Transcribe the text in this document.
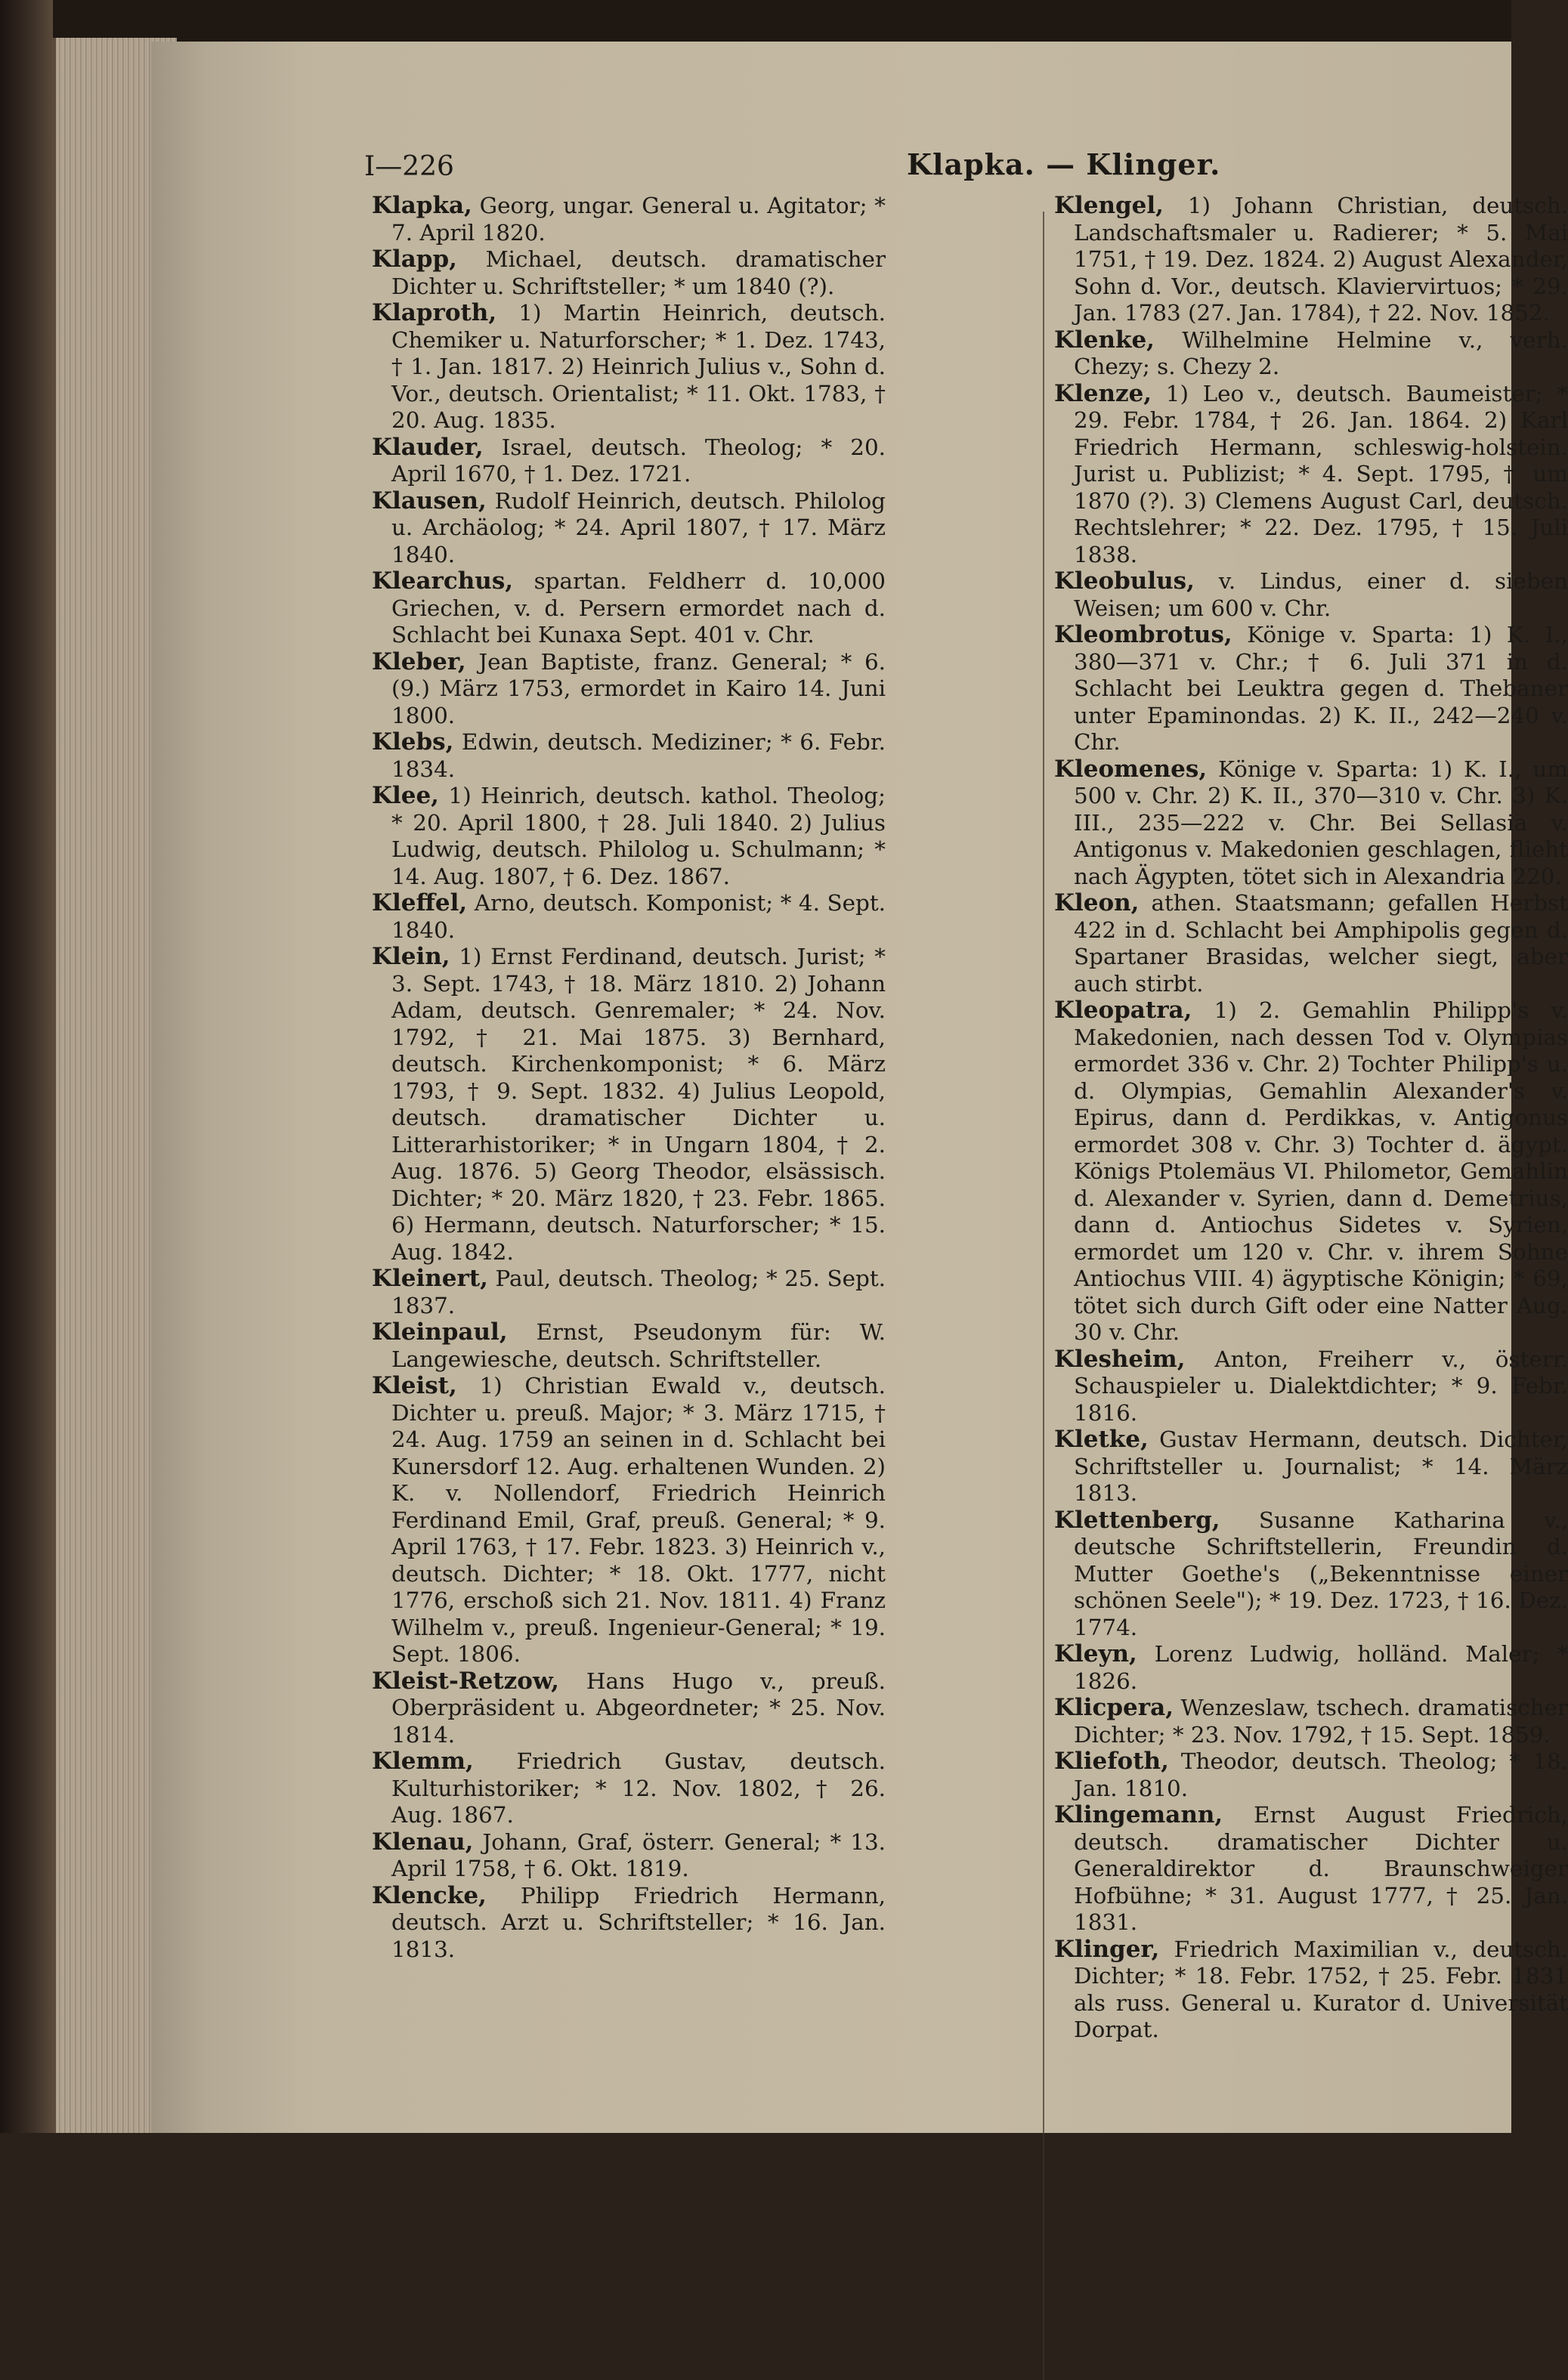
I—226	Klapka. — Klinger.
Klapka, Georg, ungar. General u. Agitator; * 7. April 1820.
Klapp, Michael, deutsch. dramatischer Dichter u. Schriftsteller; * um 1840 (?).
Klaproth, 1) Martin Heinrich, deutsch. Chemiker u. Naturforscher; * 1. Dez. 1743, † 1. Jan. 1817. 2) Heinrich Julius v., Sohn d. Vor., deutsch. Orientalist; * 11. Okt. 1783, † 20. Aug. 1835.
Klauder, Israel, deutsch. Theolog; * 20. April 1670, † 1. Dez. 1721.
Klausen, Rudolf Heinrich, deutsch. Philolog u. Archäolog; * 24. April 1807, † 17. März 1840.
Klearchus, spartan. Feldherr d. 10,000 Griechen, v. d. Persern ermordet nach d. Schlacht bei Kunaxa Sept. 401 v. Chr.
Kleber, Jean Baptiste, franz. General; * 6. (9.) März 1753, ermordet in Kairo 14. Juni 1800.
Klebs, Edwin, deutsch. Mediziner; * 6. Febr. 1834.
Klee, 1) Heinrich, deutsch. kathol. Theolog; * 20. April 1800, † 28. Juli 1840. 2) Julius Ludwig, deutsch. Philolog u. Schulmann; * 14. Aug. 1807, † 6. Dez. 1867.
Kleffel, Arno, deutsch. Komponist; * 4. Sept. 1840.
Klein, 1) Ernst Ferdinand, deutsch. Jurist; * 3. Sept. 1743, † 18. März 1810. 2) Johann Adam, deutsch. Genremaler; * 24. Nov. 1792, † 21. Mai 1875. 3) Bernhard, deutsch. Kirchenkomponist; * 6. März 1793, † 9. Sept. 1832. 4) Julius Leopold, deutsch. dramatischer Dichter u. Litterarhistoriker; * in Ungarn 1804, † 2. Aug. 1876. 5) Georg Theodor, elsässisch. Dichter; * 20. März 1820, † 23. Febr. 1865. 6) Hermann, deutsch. Naturforscher; * 15. Aug. 1842.
Kleinert, Paul, deutsch. Theolog; * 25. Sept. 1837.
Kleinpaul, Ernst, Pseudonym für: W. Langewiesche, deutsch. Schriftsteller.
Kleist, 1) Christian Ewald v., deutsch. Dichter u. preuß. Major; * 3. März 1715, † 24. Aug. 1759 an seinen in d. Schlacht bei Kunersdorf 12. Aug. erhaltenen Wunden. 2) K. v. Nollendorf, Friedrich Heinrich Ferdinand Emil, Graf, preuß. General; * 9. April 1763, † 17. Febr. 1823. 3) Heinrich v., deutsch. Dichter; * 18. Okt. 1777, nicht 1776, erschoß sich 21. Nov. 1811. 4) Franz Wilhelm v., preuß. Ingenieur-General; * 19. Sept. 1806.
Kleist-Retzow, Hans Hugo v., preuß. Oberpräsident u. Abgeordneter; * 25. Nov. 1814.
Klemm, Friedrich Gustav, deutsch. Kulturhistoriker; * 12. Nov. 1802, † 26. Aug. 1867.
Klenau, Johann, Graf, österr. General; * 13. April 1758, † 6. Okt. 1819.
Klencke, Philipp Friedrich Hermann, deutsch. Arzt u. Schriftsteller; * 16. Jan. 1813.
Klengel, 1) Johann Christian, deutsch. Landschaftsmaler u. Radierer; * 5. Mai 1751, † 19. Dez. 1824. 2) August Alexander, Sohn d. Vor., deutsch. Klaviervirtuos; * 29. Jan. 1783 (27. Jan. 1784), † 22. Nov. 1852.
Klenke, Wilhelmine Helmine v., verh. Chezy; s. Chezy 2.
Klenze, 1) Leo v., deutsch. Baumeister; * 29. Febr. 1784, † 26. Jan. 1864. 2) Karl Friedrich Hermann, schleswig-holstein. Jurist u. Publizist; * 4. Sept. 1795, † um 1870 (?). 3) Clemens August Carl, deutsch. Rechtslehrer; * 22. Dez. 1795, † 15. Juli 1838.
Kleobulus, v. Lindus, einer d. sieben Weisen; um 600 v. Chr.
Kleombrotus, Könige v. Sparta: 1) K. I., 380—371 v. Chr.; † 6. Juli 371 in d. Schlacht bei Leuktra gegen d. Thebaner unter Epaminondas. 2) K. II., 242—240 v. Chr.
Kleomenes, Könige v. Sparta: 1) K. I., um 500 v. Chr. 2) K. II., 370—310 v. Chr. 3) K. III., 235—222 v. Chr. Bei Sellasia v. Antigonus v. Makedonien geschlagen, flieht nach Ägypten, tötet sich in Alexandria 220.
Kleon, athen. Staatsmann; gefallen Herbst 422 in d. Schlacht bei Amphipolis gegen d. Spartaner Brasidas, welcher siegt, aber auch stirbt.
Kleopatra, 1) 2. Gemahlin Philipp's v. Makedonien, nach dessen Tod v. Olympias ermordet 336 v. Chr. 2) Tochter Philipp's u. d. Olympias, Gemahlin Alexander's v. Epirus, dann d. Perdikkas, v. Antigonus ermordet 308 v. Chr. 3) Tochter d. ägypt. Königs Ptolemäus VI. Philometor, Gemahlin d. Alexander v. Syrien, dann d. Demetrius, dann d. Antiochus Sidetes v. Syrien, ermordet um 120 v. Chr. v. ihrem Sohne Antiochus VIII. 4) ägyptische Königin; * 69, tötet sich durch Gift oder eine Natter Aug. 30 v. Chr.
Klesheim, Anton, Freiherr v., österr. Schauspieler u. Dialektdichter; * 9. Febr. 1816.
Kletke, Gustav Hermann, deutsch. Dichter, Schriftsteller u. Journalist; * 14. März 1813.
Klettenberg, Susanne Katharina v., deutsche Schriftstellerin, Freundin d. Mutter Goethe's („Bekenntnisse einer schönen Seele"); * 19. Dez. 1723, † 16. Dez. 1774.
Kleyn, Lorenz Ludwig, holländ. Maler; * 1826.
Klicpera, Wenzeslaw, tschech. dramatischer Dichter; * 23. Nov. 1792, † 15. Sept. 1859.
Kliefoth, Theodor, deutsch. Theolog; * 18. Jan. 1810.
Klingemann, Ernst August Friedrich, deutsch. dramatischer Dichter u. Generaldirektor d. Braunschweiger Hofbühne; * 31. August 1777, † 25. Jan. 1831.
Klinger, Friedrich Maximilian v., deutsch. Dichter; * 18. Febr. 1752, † 25. Febr. 1831 als russ. General u. Kurator d. Universität Dorpat.
